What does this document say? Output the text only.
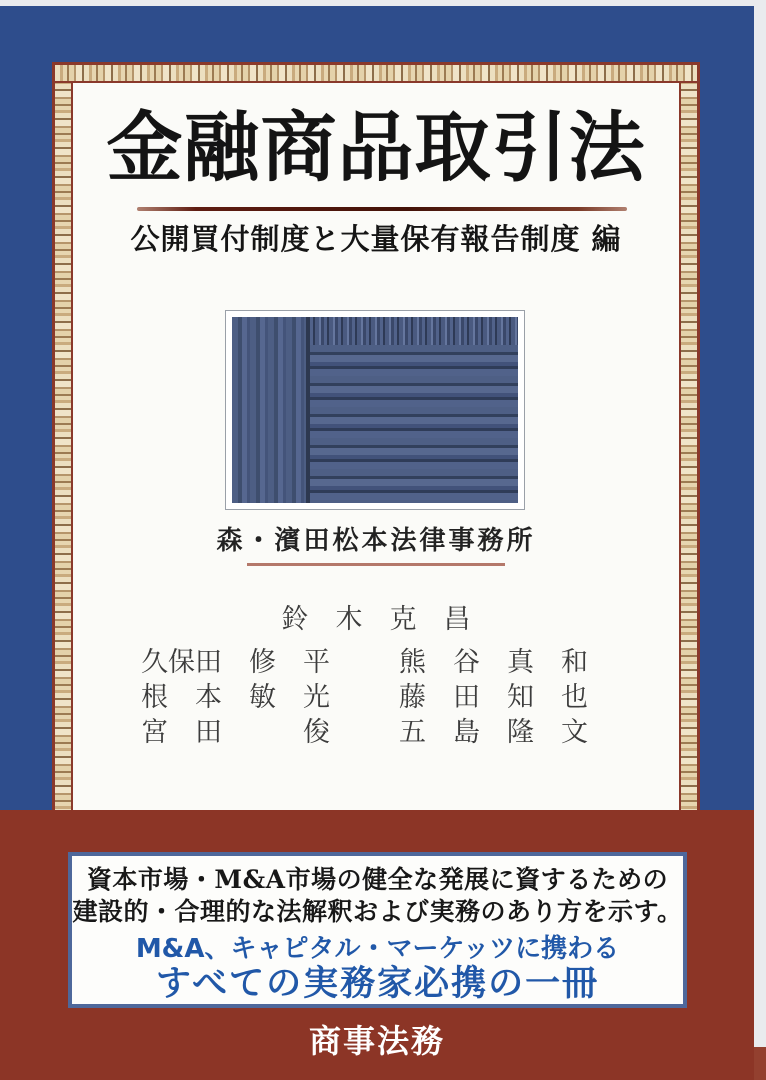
金融商品取引法
公開買付制度と大量保有報告制度 編
森・濱田松本法律事務所
鈴　木　克　昌
久保田　修　平
根　本　敏　光
宮　田　　　俊
熊　谷　真　和
藤　田　知　也
五　島　隆　文
資本市場・M&A市場の健全な発展に資するための
建設的・合理的な法解釈および実務のあり方を示す。
M&A、キャピタル・マーケッツに携わる
すべての実務家必携の一冊
商事法務
